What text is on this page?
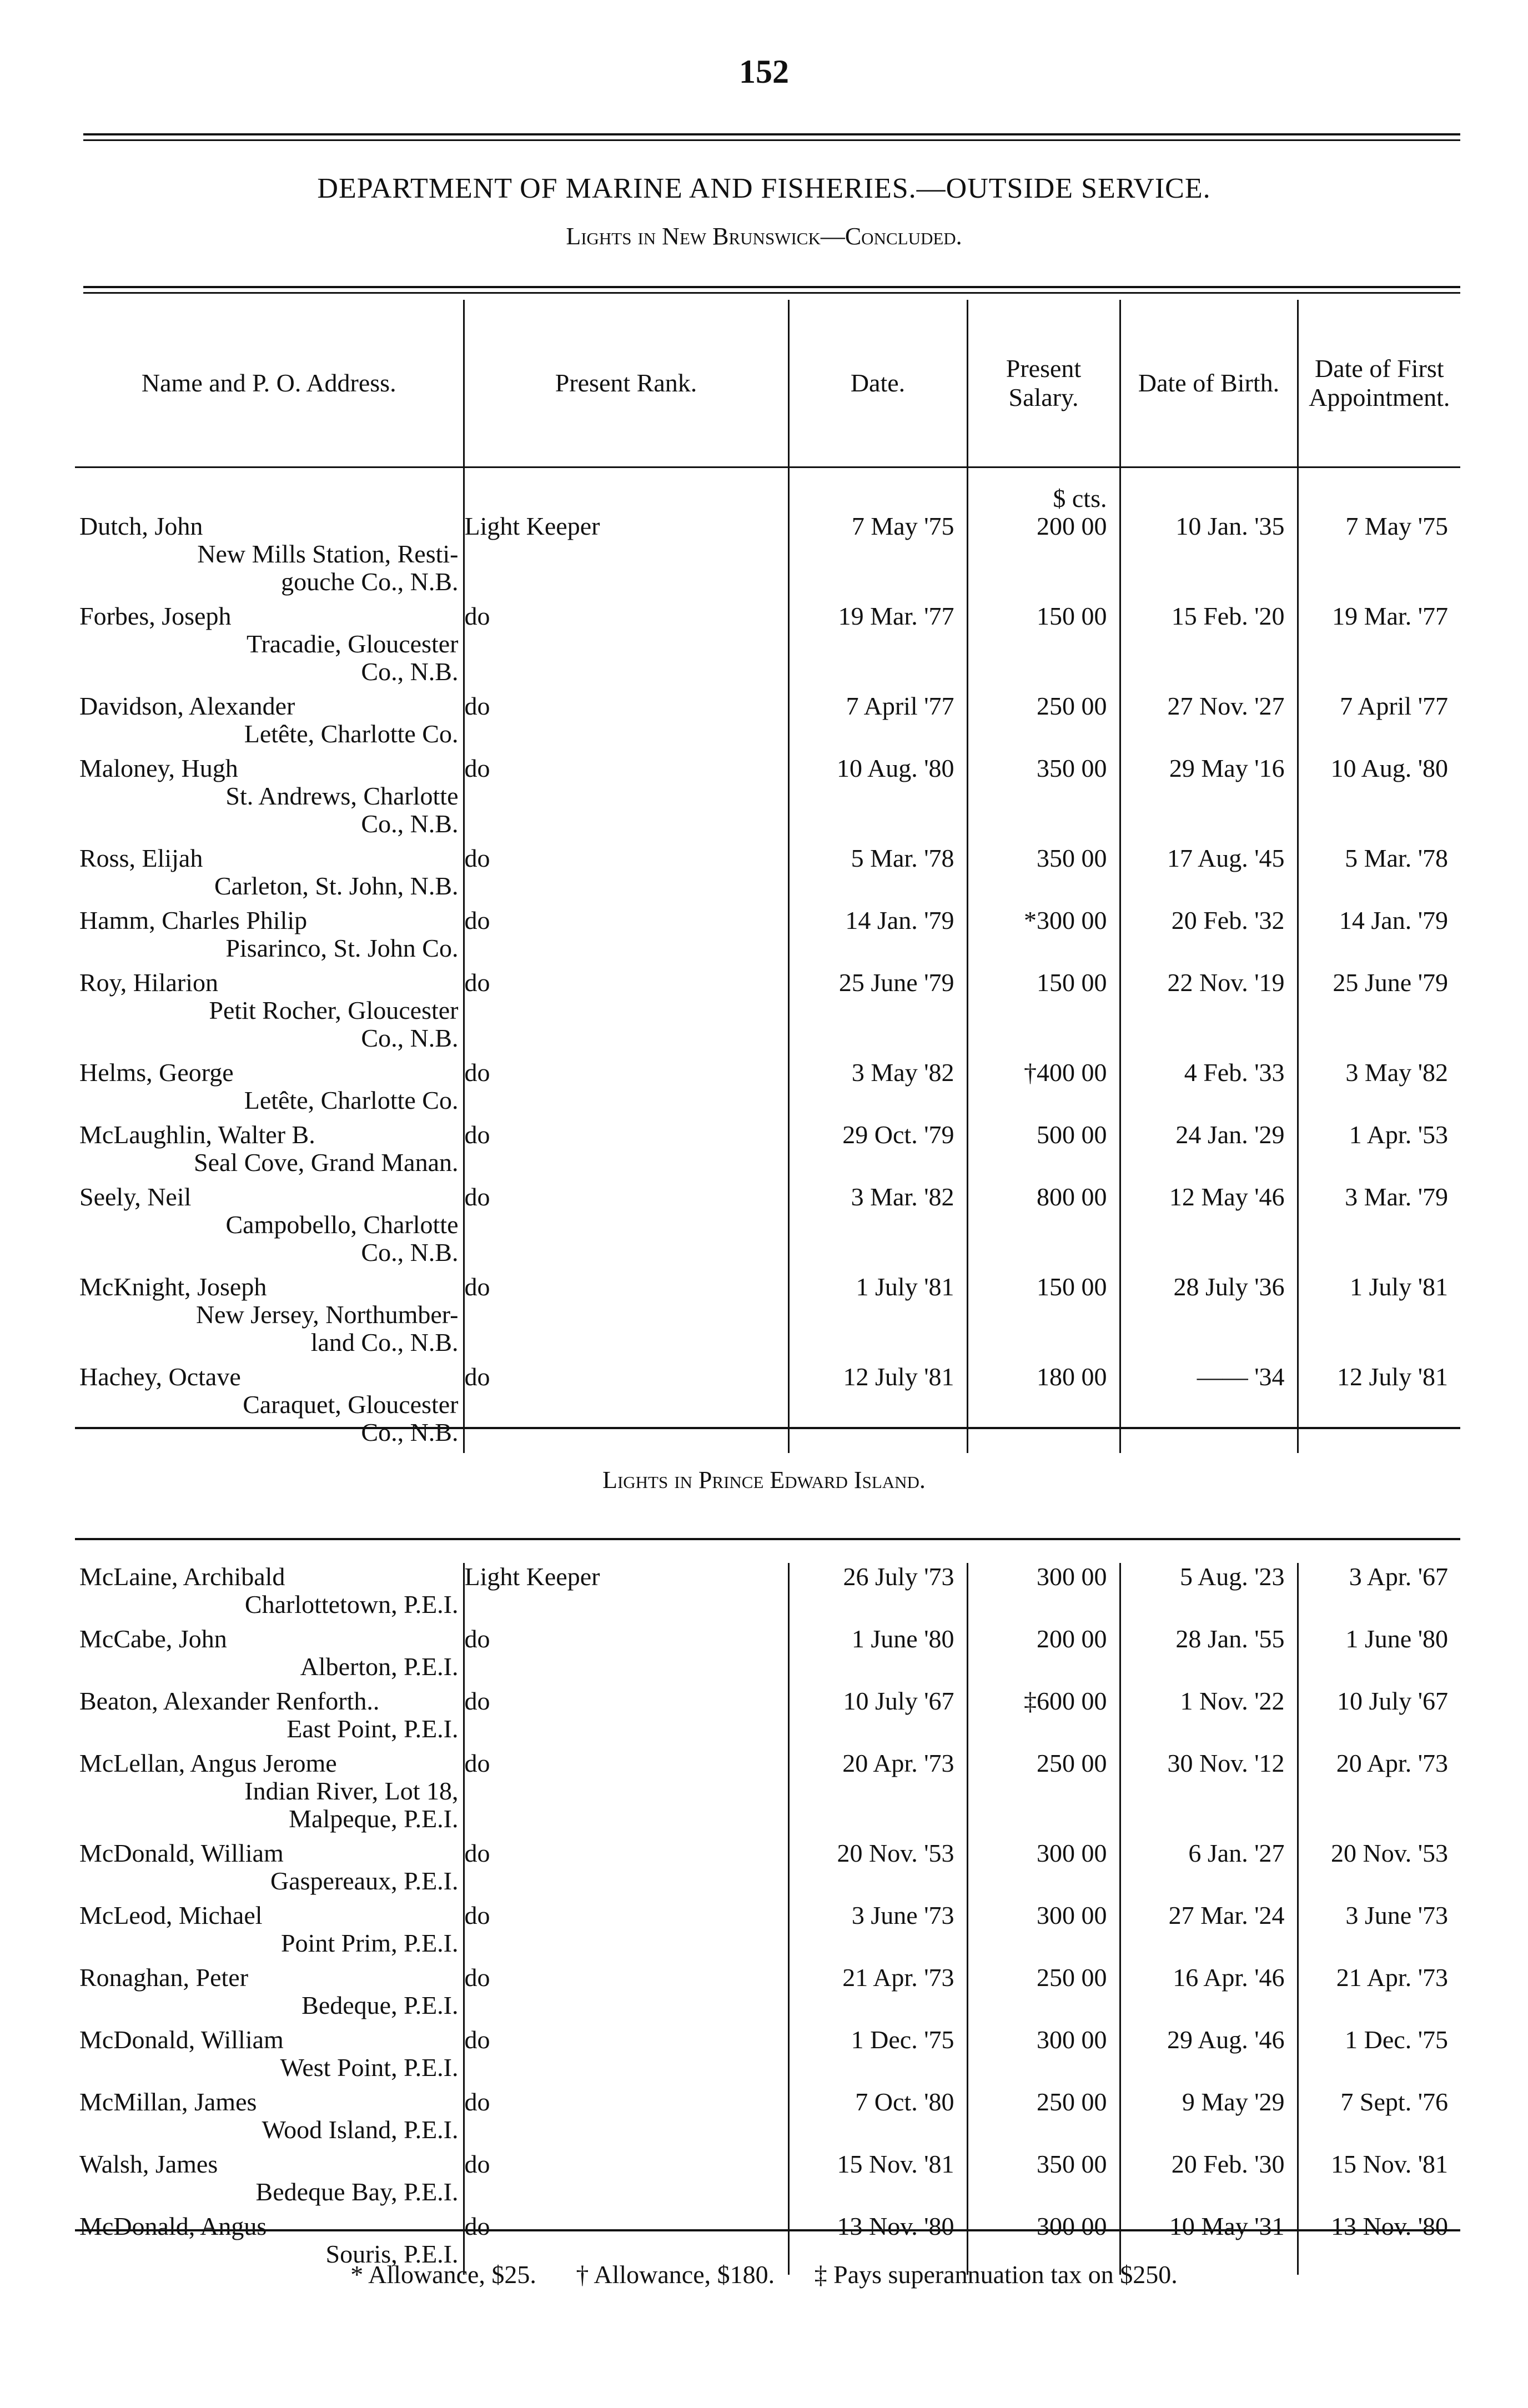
152
DEPARTMENT OF MARINE AND FISHERIES.—OUTSIDE SERVICE.
Lights in New Brunswick—Concluded.
Name and P. O. Address.	Present Rank.	Date.	Present Salary.	Date of Birth.	Date of First Appointment.
			$ cts.		

Dutch, John
New Mills Station, Resti-
gouche Co., N.B.	Light Keeper	7 May '75	200 00	10 Jan. '35	7 May '75

Forbes, Joseph
Tracadie, Gloucester
Co., N.B.	do	19 Mar. '77	150 00	15 Feb. '20	19 Mar. '77

Davidson, Alexander
Letête, Charlotte Co.	do	7 April '77	250 00	27 Nov. '27	7 April '77

Maloney, Hugh
St. Andrews, Charlotte
Co., N.B.	do	10 Aug. '80	350 00	29 May '16	10 Aug. '80

Ross, Elijah
Carleton, St. John, N.B.	do	5 Mar. '78	350 00	17 Aug. '45	5 Mar. '78

Hamm, Charles Philip
Pisarinco, St. John Co.	do	14 Jan. '79	*300 00	20 Feb. '32	14 Jan. '79

Roy, Hilarion
Petit Rocher, Gloucester
Co., N.B.	do	25 June '79	150 00	22 Nov. '19	25 June '79

Helms, George
Letête, Charlotte Co.	do	3 May '82	†400 00	4 Feb. '33	3 May '82

McLaughlin, Walter B.
Seal Cove, Grand Manan.	do	29 Oct. '79	500 00	24 Jan. '29	1 Apr. '53

Seely, Neil
Campobello, Charlotte
Co., N.B.	do	3 Mar. '82	800 00	12 May '46	3 Mar. '79

McKnight, Joseph
New Jersey, Northumber-
land Co., N.B.	do	1 July '81	150 00	28 July '36	1 July '81

Hachey, Octave
Caraquet, Gloucester
Co., N.B.	do	12 July '81	180 00	—— '34	12 July '81

Lights in Prince Edward Island.
McLaine, Archibald
Charlottetown, P.E.I.	Light Keeper	26 July '73	300 00	5 Aug. '23	3 Apr. '67

McCabe, John
Alberton, P.E.I.	do	1 June '80	200 00	28 Jan. '55	1 June '80

Beaton, Alexander Renforth..
East Point, P.E.I.	do	10 July '67	‡600 00	1 Nov. '22	10 July '67

McLellan, Angus Jerome
Indian River, Lot 18,
Malpeque, P.E.I.	do	20 Apr. '73	250 00	30 Nov. '12	20 Apr. '73

McDonald, William
Gaspereaux, P.E.I.	do	20 Nov. '53	300 00	6 Jan. '27	20 Nov. '53

McLeod, Michael
Point Prim, P.E.I.	do	3 June '73	300 00	27 Mar. '24	3 June '73

Ronaghan, Peter
Bedeque, P.E.I.	do	21 Apr. '73	250 00	16 Apr. '46	21 Apr. '73

McDonald, William
West Point, P.E.I.	do	1 Dec. '75	300 00	29 Aug. '46	1 Dec. '75

McMillan, James
Wood Island, P.E.I.	do	7 Oct. '80	250 00	9 May '29	7 Sept. '76

Walsh, James
Bedeque Bay, P.E.I.	do	15 Nov. '81	350 00	20 Feb. '30	15 Nov. '81

McDonald, Angus
Souris, P.E.I.	do	13 Nov. '80	300 00	10 May '31	13 Nov. '80

* Allowance, $25. † Allowance, $180. ‡ Pays superannuation tax on $250.
